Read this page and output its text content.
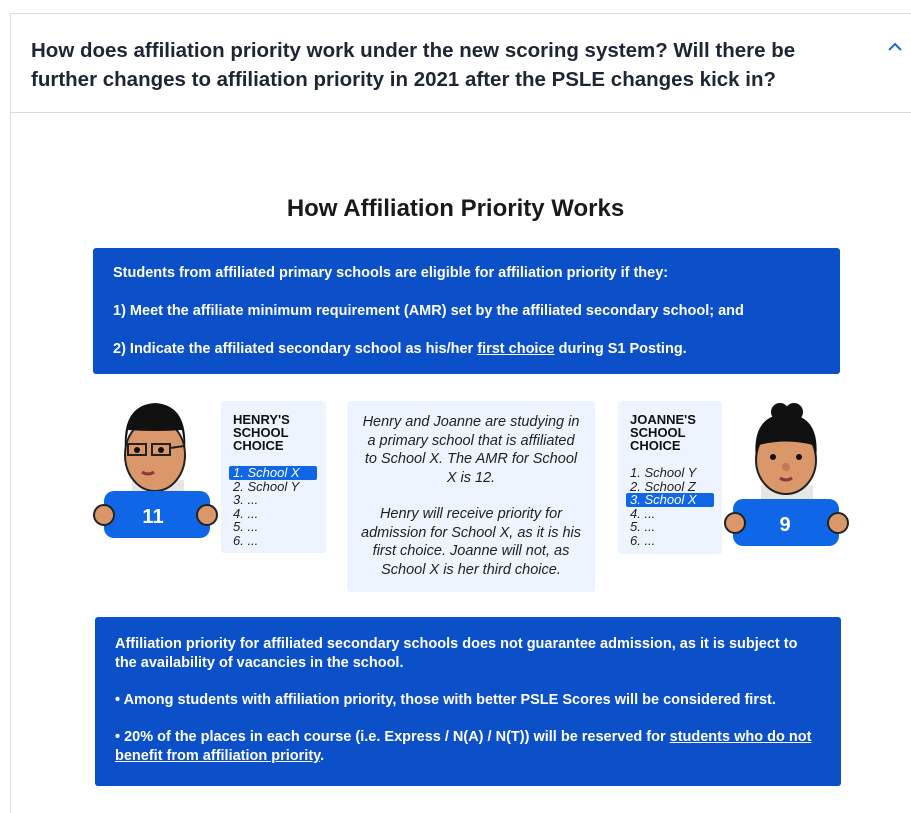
How does affiliation priority work under the new scoring system? Will there be further changes to affiliation priority in 2021 after the PSLE changes kick in?
How Affiliation Priority Works

Students from affiliated primary schools are eligible for affiliation priority if they:

1) Meet the affiliate minimum requirement (AMR) set by the affiliated secondary school; and

2) Indicate the affiliated secondary school as his/her first choice during S1 Posting.

11
HENRY'S SCHOOL CHOICE
1. School X
2. School Y
3. ...
4. ...
5. ...
6. ...

Henry and Joanne are studying in a primary school that is affiliated to School X. The AMR for School X is 12.

Henry will receive priority for admission for School X, as it is his first choice. Joanne will not, as School X is her third choice.

JOANNE'S SCHOOL CHOICE
1. School Y
2. School Z
3. School X
4. ...
5. ...
6. ...
9

Affiliation priority for affiliated secondary schools does not guarantee admission, as it is subject to the availability of vacancies in the school.

• Among students with affiliation priority, those with better PSLE Scores will be considered first.

• 20% of the places in each course (i.e. Express / N(A) / N(T)) will be reserved for students who do not benefit from affiliation priority.
